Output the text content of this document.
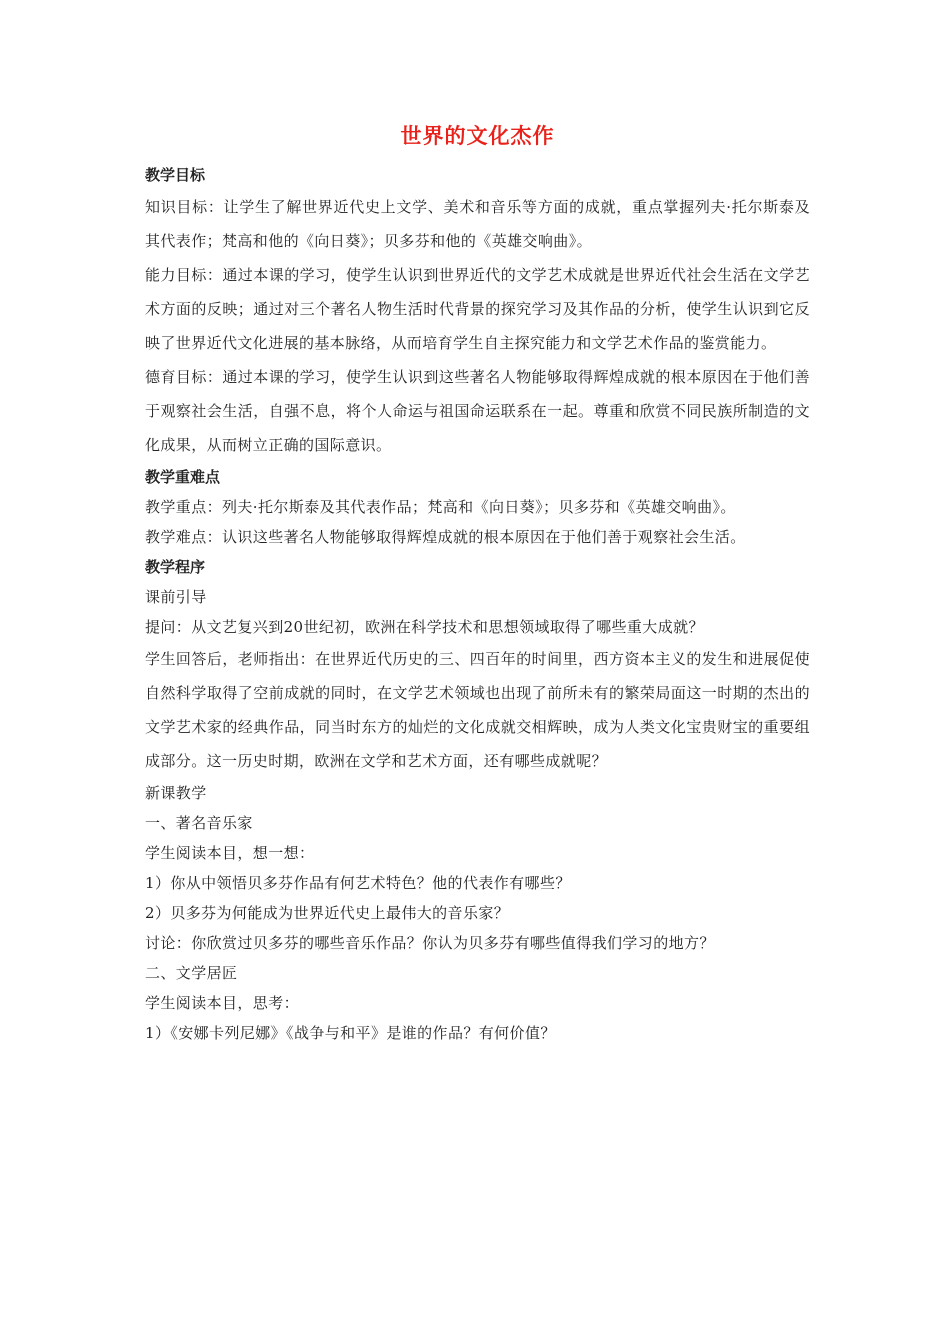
世界的文化杰作
教学目标

知识目标：让学生了解世界近代史上文学、美术和音乐等方面的成就，重点掌握列夫·托尔斯泰及其代表作；梵高和他的《向日葵》；贝多芬和他的《英雄交响曲》。

能力目标：通过本课的学习，使学生认识到世界近代的文学艺术成就是世界近代社会生活在文学艺术方面的反映；通过对三个著名人物生活时代背景的探究学习及其作品的分析，使学生认识到它反映了世界近代文化进展的基本脉络，从而培育学生自主探究能力和文学艺术作品的鉴赏能力。

德育目标：通过本课的学习，使学生认识到这些著名人物能够取得辉煌成就的根本原因在于他们善于观察社会生活，自强不息，将个人命运与祖国命运联系在一起。尊重和欣赏不同民族所制造的文化成果，从而树立正确的国际意识。

教学重难点
教学重点：列夫·托尔斯泰及其代表作品；梵高和《向日葵》；贝多芬和《英雄交响曲》。
教学难点：认识这些著名人物能够取得辉煌成就的根本原因在于他们善于观察社会生活。
教学程序
课前引导
提问：从文艺复兴到20世纪初，欧洲在科学技术和思想领域取得了哪些重大成就？

学生回答后，老师指出：在世界近代历史的三、四百年的时间里，西方资本主义的发生和进展促使自然科学取得了空前成就的同时，在文学艺术领域也出现了前所未有的繁荣局面这一时期的杰出的文学艺术家的经典作品，同当时东方的灿烂的文化成就交相辉映，成为人类文化宝贵财宝的重要组成部分。这一历史时期，欧洲在文学和艺术方面，还有哪些成就呢？

新课教学
一、著名音乐家
学生阅读本目，想一想：
1）你从中领悟贝多芬作品有何艺术特色？他的代表作有哪些？
2）贝多芬为何能成为世界近代史上最伟大的音乐家？
讨论：你欣赏过贝多芬的哪些音乐作品？你认为贝多芬有哪些值得我们学习的地方？
二、文学居匠
学生阅读本目，思考：
1）《安娜卡列尼娜》《战争与和平》是谁的作品？有何价值？
